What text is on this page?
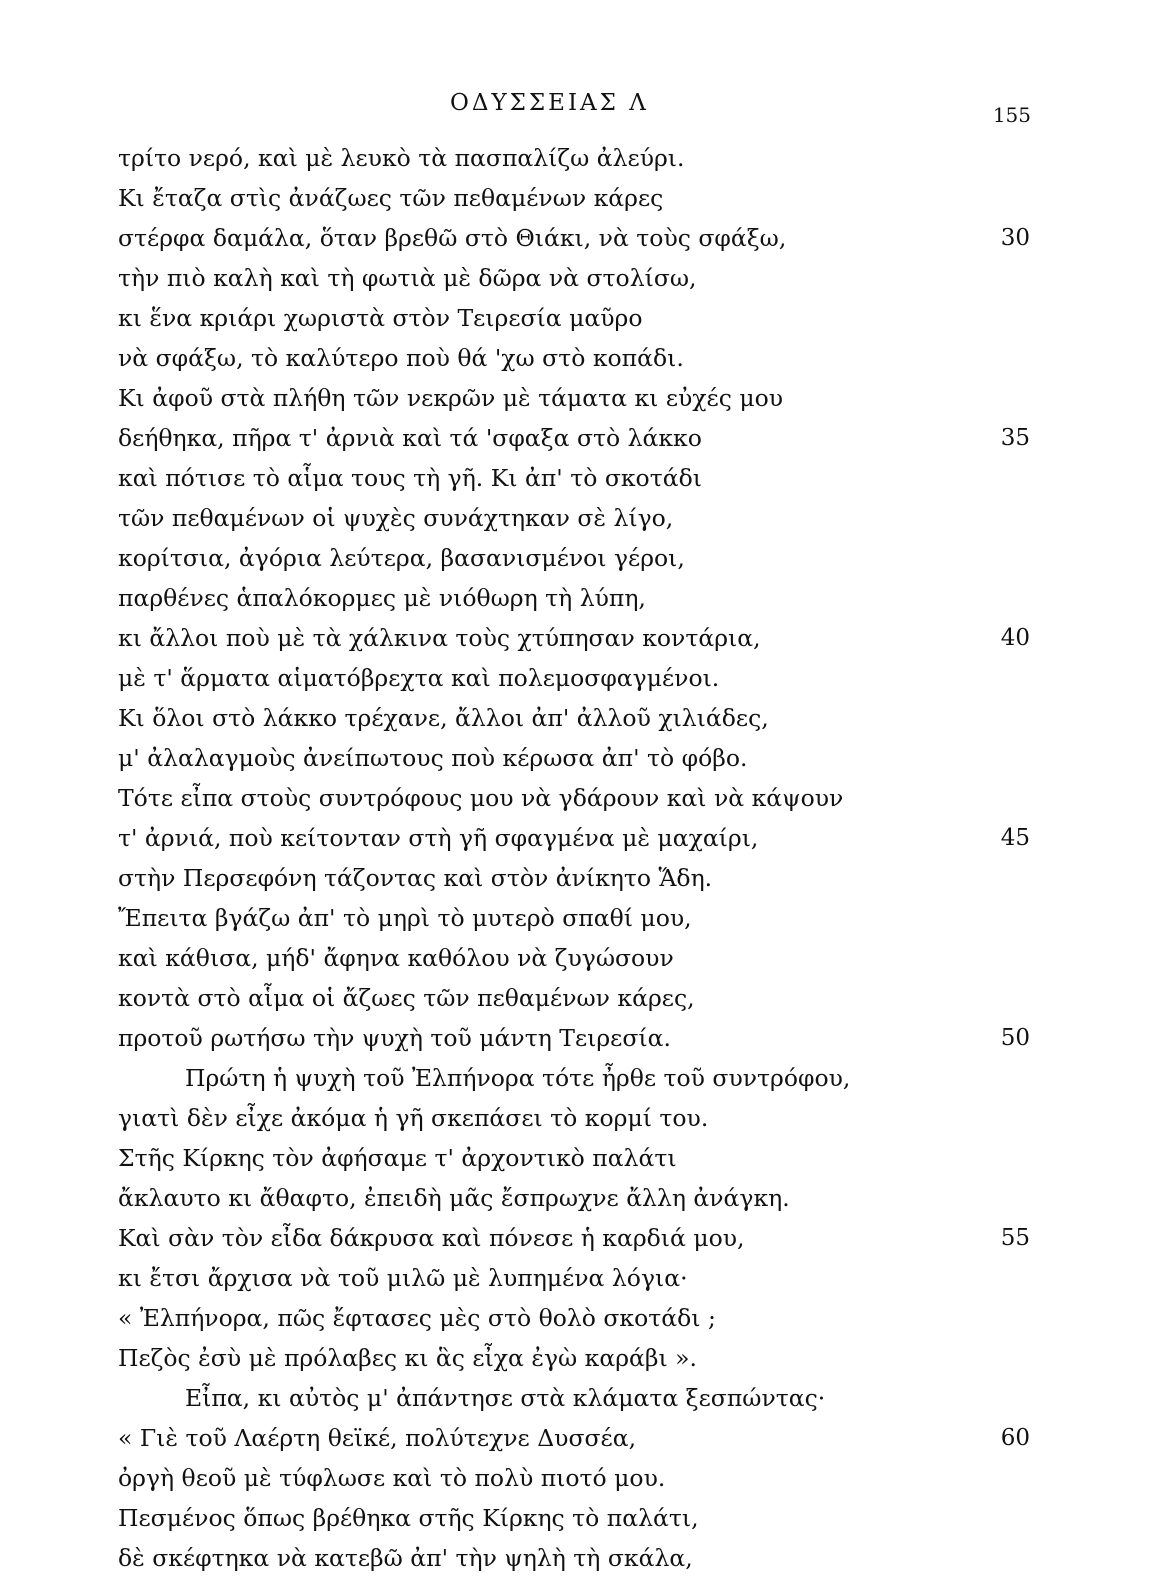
ΟΔΥΣΣΕΙΑΣ Λ	155
τρίτο νερό, καὶ μὲ λευκὸ τὰ πασπαλίζω ἀλεύρι.
Κι ἔταζα στὶς ἀνάζωες τῶν πεθαμένων κάρες
στέρφα δαμάλα, ὅταν βρεθῶ στὸ Θιάκι, νὰ τοὺς σφάξω,	30
τὴν πιὸ καλὴ καὶ τὴ φωτιὰ μὲ δῶρα νὰ στολίσω,
κι ἕνα κριάρι χωριστὰ στὸν Τειρεσία μαῦρο
νὰ σφάξω, τὸ καλύτερο ποὺ θά 'χω στὸ κοπάδι.
Κι ἀφοῦ στὰ πλήθη τῶν νεκρῶν μὲ τάματα κι εὐχές μου
δεήθηκα, πῆρα τ' ἀρνιὰ καὶ τά 'σφαξα στὸ λάκκο	35
καὶ πότισε τὸ αἷμα τους τὴ γῆ. Κι ἀπ' τὸ σκοτάδι
τῶν πεθαμένων οἱ ψυχὲς συνάχτηκαν σὲ λίγο,
κορίτσια, ἀγόρια λεύτερα, βασανισμένοι γέροι,
παρθένες ἁπαλόκορμες μὲ νιόθωρη τὴ λύπη,
κι ἄλλοι ποὺ μὲ τὰ χάλκινα τοὺς χτύπησαν κοντάρια,	40
μὲ τ' ἅρματα αἱματόβρεχτα καὶ πολεμοσφαγμένοι.
Κι ὅλοι στὸ λάκκο τρέχανε, ἄλλοι ἀπ' ἀλλοῦ χιλιάδες,
μ' ἀλαλαγμοὺς ἀνείπωτους ποὺ κέρωσα ἀπ' τὸ φόβο.
Τότε εἶπα στοὺς συντρόφους μου νὰ γδάρουν καὶ νὰ κάψουν
τ' ἀρνιά, ποὺ κείτονταν στὴ γῆ σφαγμένα μὲ μαχαίρι,	45
στὴν Περσεφόνη τάζοντας καὶ στὸν ἀνίκητο Ἅδη.
Ἔπειτα βγάζω ἀπ' τὸ μηρὶ τὸ μυτερὸ σπαθί μου,
καὶ κάθισα, μήδ' ἄφηνα καθόλου νὰ ζυγώσουν
κοντὰ στὸ αἷμα οἱ ἄζωες τῶν πεθαμένων κάρες,
προτοῦ ρωτήσω τὴν ψυχὴ τοῦ μάντη Τειρεσία.	50
Πρώτη ἡ ψυχὴ τοῦ Ἐλπήνορα τότε ἦρθε τοῦ συντρόφου,
γιατὶ δὲν εἶχε ἀκόμα ἡ γῆ σκεπάσει τὸ κορμί του.
Στῆς Κίρκης τὸν ἀφήσαμε τ' ἀρχοντικὸ παλάτι
ἄκλαυτο κι ἄθαφτο, ἐπειδὴ μᾶς ἔσπρωχνε ἄλλη ἀνάγκη.
Καὶ σὰν τὸν εἶδα δάκρυσα καὶ πόνεσε ἡ καρδιά μου,	55
κι ἔτσι ἄρχισα νὰ τοῦ μιλῶ μὲ λυπημένα λόγια·
« Ἐλπήνορα, πῶς ἔφτασες μὲς στὸ θολὸ σκοτάδι ;
Πεζὸς ἐσὺ μὲ πρόλαβες κι ἃς εἶχα ἐγὼ καράβι ».
Εἶπα, κι αὐτὸς μ' ἀπάντησε στὰ κλάματα ξεσπώντας·
« Γιὲ τοῦ Λαέρτη θεϊκέ, πολύτεχνε Δυσσέα,	60
ὀργὴ θεοῦ μὲ τύφλωσε καὶ τὸ πολὺ πιοτό μου.
Πεσμένος ὅπως βρέθηκα στῆς Κίρκης τὸ παλάτι,
δὲ σκέφτηκα νὰ κατεβῶ ἀπ' τὴν ψηλὴ τὴ σκάλα,
